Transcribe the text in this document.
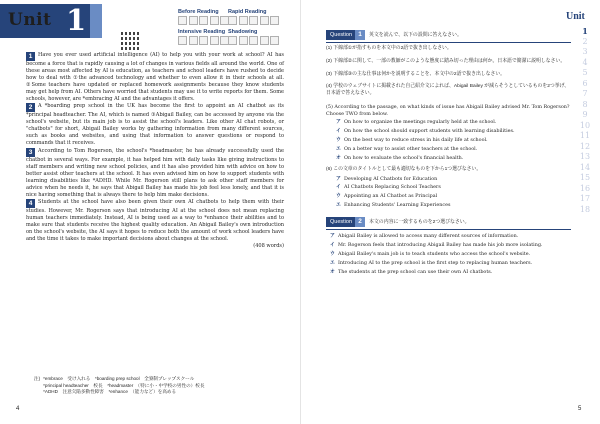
Unit 1	Before Reading	Rapid Reading
Intensive Reading Shadowing

1 Have you ever used artificial intelligence (AI) to help you with your work at school? AI has become a force that is rapidly causing a lot of changes in various fields all around the world. One of these areas most affected by AI is education, as teachers and school leaders have rushed to decide how to deal with ①the advanced technology and whether to even allow it in their schools at all. ②Some teachers have updated or replaced homework assignments because they know students may get help from AI. Others have worried that students may use it to write reports for them. Some schools, however, are *embracing AI and the advantages it offers.

2 A *boarding prep school in the UK has become the first to appoint an AI chatbot as its *principal headteacher. The AI, which is named ③Abigail Bailey, can be accessed by anyone via the school's website, but its main job is to assist the school's leaders. Like other AI chat robots, or "chatbots" for short, Abigail Bailey works by gathering information from many different sources, such as books and websites, and using that information to answer questions or respond to commands that it receives.

3 According to Tom Rogerson, the school's *headmaster, he has already successfully used the chatbot in several ways. For example, it has helped him with daily tasks like giving instructions to staff members and writing new school policies, and it has also provided him with advice on how to better assist other teachers at the school. It has even advised him on how to support students with learning disabilities like *ADHD. While Mr. Rogerson still plans to ask other staff members for advice when he needs it, he says that Abigail Bailey has made his job feel less lonely, and that it is nice having something that is always there to help him make decisions.

4 Students at the school have also been given their own AI chatbots to help them with their studies. However, Mr. Rogerson says that introducing AI at the school does not mean replacing human teachers immediately. Instead, AI is being used as a way to *enhance their abilities and to make sure that students receive the highest quality education. An Abigail Bailey's own introduction on the school's website, the AI says it hopes to reduce both the amount of work school leaders have and the time it takes to make important decisions about changes at the school.

(408 words)
注) *embrace　受け入れる　*boarding prep school　全寮制プレップスクール
*principal headteacher　校長　*headmaster　（特に小・中学校の男性の）校長
*ADHD　注意欠陥多動性障害　*enhance　（能力など）を高める
4	5
Question 1 英文を読んで、以下の設問に答えなさい。
(1) 下線部①が指すものを本文中の2語で抜き出しなさい。
(2) 下線部②に関して、一部の教師がこのような態度に踏み切った理由は何か。日本語で簡潔に説明しなさい。
(3) 下線部③の主な仕事は何かを説明することを、本文中の2語で抜き出しなさい。
(4) 学校のウェブサイトに掲載された自己紹介文によれば、Abigail Bailey が減らそうとしているものを2つ挙げ、日本語で答えなさい。
(5) According to the passage, on what kinds of issue has Abigail Bailey advised Mr. Tom Rogerson? Choose TWO from below.
ア On how to organize the meetings regularly held at the school.
イ On how the school should support students with learning disabilities.
ウ On the best way to reduce stress in his daily life at school.
エ On a better way to assist other teachers at the school.
オ On how to evaluate the school's financial health.
(6) この文章のタイトルとして最も適切なものを下から1つ選びなさい。
ア Developing AI Chatbots for Education
イ AI Chatbots Replacing School Teachers
ウ Appointing an AI Chatbot as Principal
エ Enhancing Students' Learning Experiences
Question 2 本文の内容に一致するものを2つ選びなさい。
ア Abigail Bailey is allowed to access many different sources of information.
イ Mr. Rogerson feels that introducing Abigail Bailey has made his job more isolating.
ウ Abigail Bailey's main job is to teach students who access the school's website.
エ Introducing AI to the prep school is the first step to replacing human teachers.
オ The students at the prep school can use their own AI chatbots.
Unit
1
2
3
4
5
6
7
8
9
10
11
12
13
14
15
16
17
18
